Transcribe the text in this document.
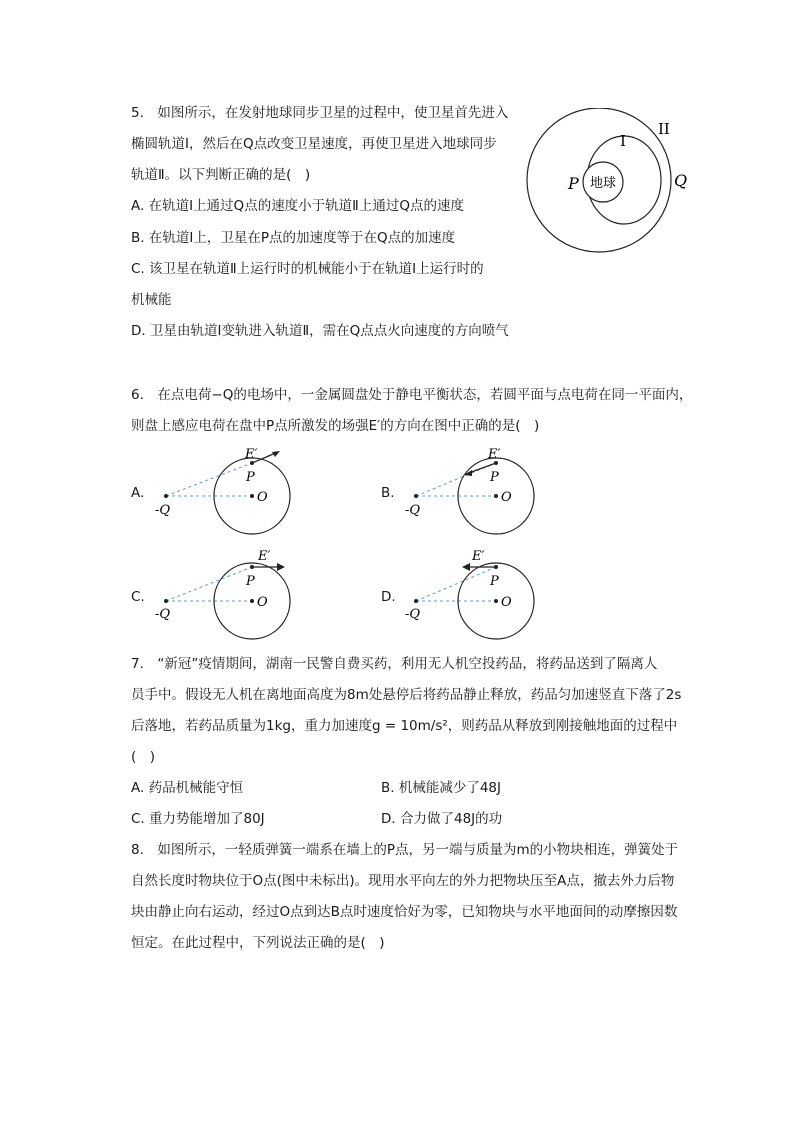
5.　如图所示，在发射地球同步卫星的过程中，使卫星首先进入
椭圆轨道Ⅰ，然后在Q点改变卫星速度，再使卫星进入地球同步
轨道Ⅱ。以下判断正确的是(　)
A. 在轨道Ⅰ上通过Q点的速度小于轨道Ⅱ上通过Q点的速度
B. 在轨道Ⅰ上，卫星在P点的加速度等于在Q点的加速度
C. 该卫星在轨道Ⅱ上运行时的机械能小于在轨道Ⅰ上运行时的
机械能
D. 卫星由轨道Ⅰ变轨进入轨道Ⅱ，需在Q点点火向速度的方向喷气
地球
P	Q
I
II
6.　在点电荷−Q的电场中，一金属圆盘处于静电平衡状态，若圆平面与点电荷在同一平面内，
则盘上感应电荷在盘中P点所激发的场强E′的方向在图中正确的是(　)
A.
E′
P
O
-Q
B.
E′
P
O
-Q
C.
E′
P
O
-Q
D.
E′
P
O
-Q
7.　“新冠”疫情期间，湖南一民警自费买药，利用无人机空投药品，将药品送到了隔离人
员手中。假设无人机在离地面高度为8m处悬停后将药品静止释放，药品匀加速竖直下落了2s
后落地，若药品质量为1kg，重力加速度g = 10m/s²，则药品从释放到刚接触地面的过程中
(　)
A. 药品机械能守恒	B. 机械能减少了48J
C. 重力势能增加了80J	D. 合力做了48J的功
8.　如图所示，一轻质弹簧一端系在墙上的P点，另一端与质量为m的小物块相连，弹簧处于
自然长度时物块位于O点(图中未标出)。现用水平向左的外力把物块压至A点，撤去外力后物
块由静止向右运动，经过O点到达B点时速度恰好为零，已知物块与水平地面间的动摩擦因数
恒定。在此过程中，下列说法正确的是(　)
